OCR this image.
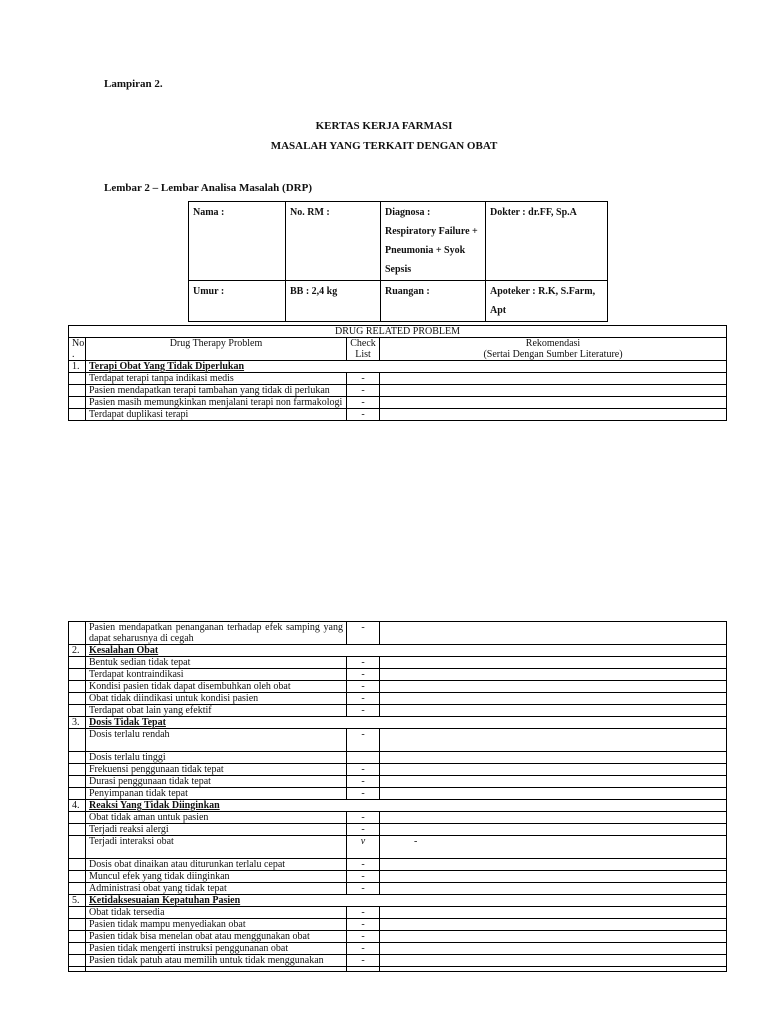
Lampiran 2.
KERTAS KERJA FARMASI
MASALAH YANG TERKAIT DENGAN OBAT
Lembar 2 – Lembar Analisa Masalah (DRP)
Nama :	No. RM :	Diagnosa : Respiratory Failure + Pneumonia + Syok Sepsis	Dokter : dr.FF, Sp.A
Umur :	BB : 2,4 kg	Ruangan :	Apoteker : R.K, S.Farm, Apt
DRUG RELATED PROBLEM			
No .	Drug Therapy Problem	Check List	Rekomendasi
(Sertai Dengan Sumber Literature)
1.	Terapi Obat Yang Tidak Diperlukan		
	Terdapat terapi tanpa indikasi medis	-	
	Pasien mendapatkan terapi tambahan yang tidak di perlukan	-	
	Pasien masih memungkinkan menjalani terapi non farmakologi	-	
	Terdapat duplikasi terapi	-	
	Pasien mendapatkan penanganan terhadap efek samping yang dapat seharusnya di cegah	-	
2.	Kesalahan Obat		
	Bentuk sedian tidak tepat	-	
	Terdapat kontraindikasi	-	
	Kondisi pasien tidak dapat disembuhkan oleh obat	-	
	Obat tidak diindikasi untuk kondisi pasien	-	
	Terdapat obat lain yang efektif	-	
3.	Dosis Tidak Tepat		
	Dosis terlalu rendah	-	
	Dosis terlalu tinggi		
	Frekuensi penggunaan tidak tepat	-	
	Durasi penggunaan tidak tepat	-	
	Penyimpanan tidak tepat	-	
4.	Reaksi Yang Tidak Diinginkan		
	Obat tidak aman untuk pasien	-	
	Terjadi reaksi alergi	-	
	Terjadi interaksi obat	v	-
	Dosis obat dinaikan atau diturunkan terlalu cepat	-	
	Muncul efek yang tidak diinginkan	-	
	Administrasi obat yang tidak tepat	-	
5.	Ketidaksesuaian Kepatuhan Pasien		
	Obat tidak tersedia	-	
	Pasien tidak mampu menyediakan obat	-	
	Pasien tidak bisa menelan obat atau menggunakan obat	-	
	Pasien tidak mengerti instruksi penggunanan obat	-	
	Pasien tidak patuh atau memilih untuk tidak menggunakan	-	
